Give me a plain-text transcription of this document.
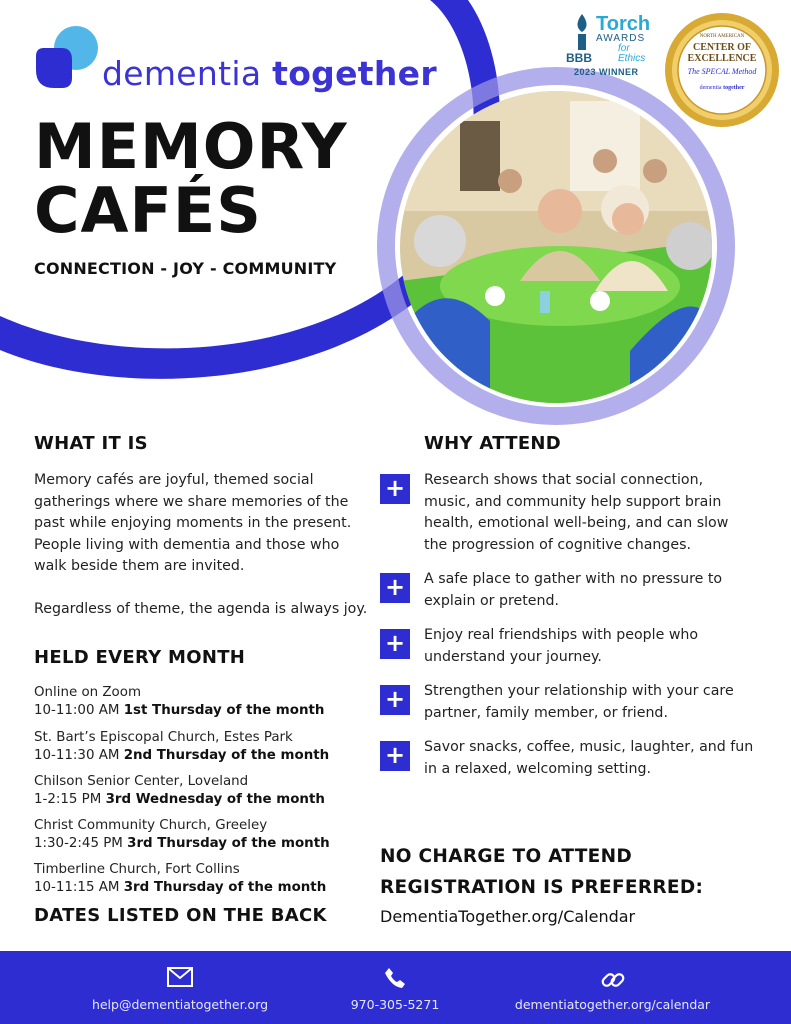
dementia together
Torch
AWARDS
for Ethics
BBB
2023 WINNER
NORTH AMERICAN
CENTER OF
EXCELLENCE
The SPECAL Method
dementia together
MEMORY
CAFÉS
CONNECTION - JOY - COMMUNITY
WHAT IT IS

Memory cafés are joyful, themed social gatherings where we share memories of the past while enjoying moments in the present. People living with dementia and those who walk beside them are invited.

Regardless of theme, the agenda is always joy.

HELD EVERY MONTH
Online on Zoom
10-11:00 AM 1st Thursday of the month
St. Bart’s Episcopal Church, Estes Park
10-11:30 AM 2nd Thursday of the month
Chilson Senior Center, Loveland
1-2:15 PM 3rd Wednesday of the month
Christ Community Church, Greeley
1:30-2:45 PM 3rd Thursday of the month
Timberline Church, Fort Collins
10-11:15 AM 3rd Thursday of the month
DATES LISTED ON THE BACK
WHY ATTEND
+	Research shows that social connection, music, and community help support brain health, emotional well-being, and can slow the progression of cognitive changes.

+	A safe place to gather with no pressure to explain or pretend.

+	Enjoy real friendships with people who understand your journey.

+	Strengthen your relationship with your care partner, family member, or friend.

+	Savor snacks, coffee, music, laughter, and fun in a relaxed, welcoming setting.

NO CHARGE TO ATTEND
REGISTRATION IS PREFERRED:
DementiaTogether.org/Calendar
help@dementiatogether.org	970-305-5271	dementiatogether.org/calendar
